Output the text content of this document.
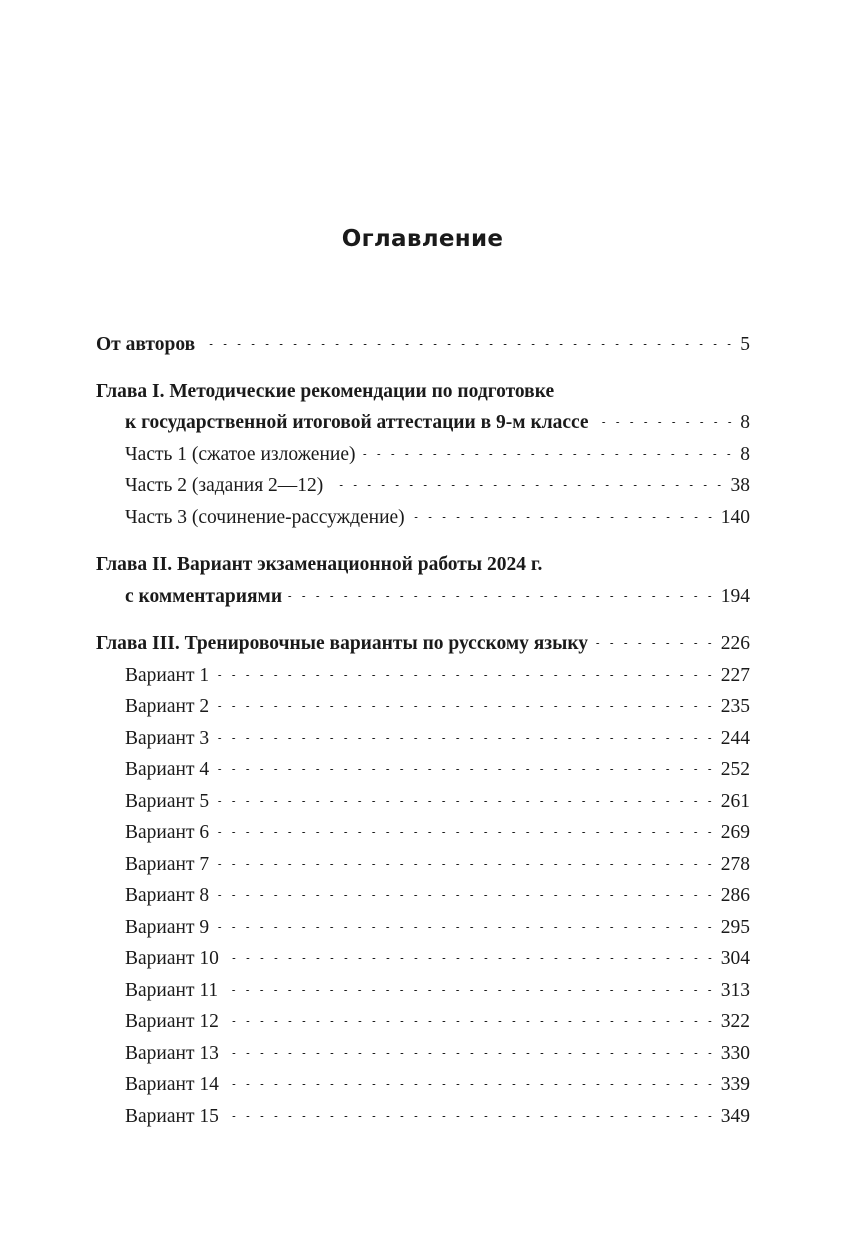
Оглавление
От авторов	5
Глава I. Методические рекомендации по подготовке
к государственной итоговой аттестации в 9-м классе	8
Часть 1 (сжатое изложение)	8
Часть 2 (задания 2—12)	38
Часть 3 (сочинение-рассуждение)	140
Глава II. Вариант экзаменационной работы 2024 г.
с комментариями	194
Глава III. Тренировочные варианты по русскому языку	226
Вариант 1	227
Вариант 2	235
Вариант 3	244
Вариант 4	252
Вариант 5	261
Вариант 6	269
Вариант 7	278
Вариант 8	286
Вариант 9	295
Вариант 10	304
Вариант 11	313
Вариант 12	322
Вариант 13	330
Вариант 14	339
Вариант 15	349
